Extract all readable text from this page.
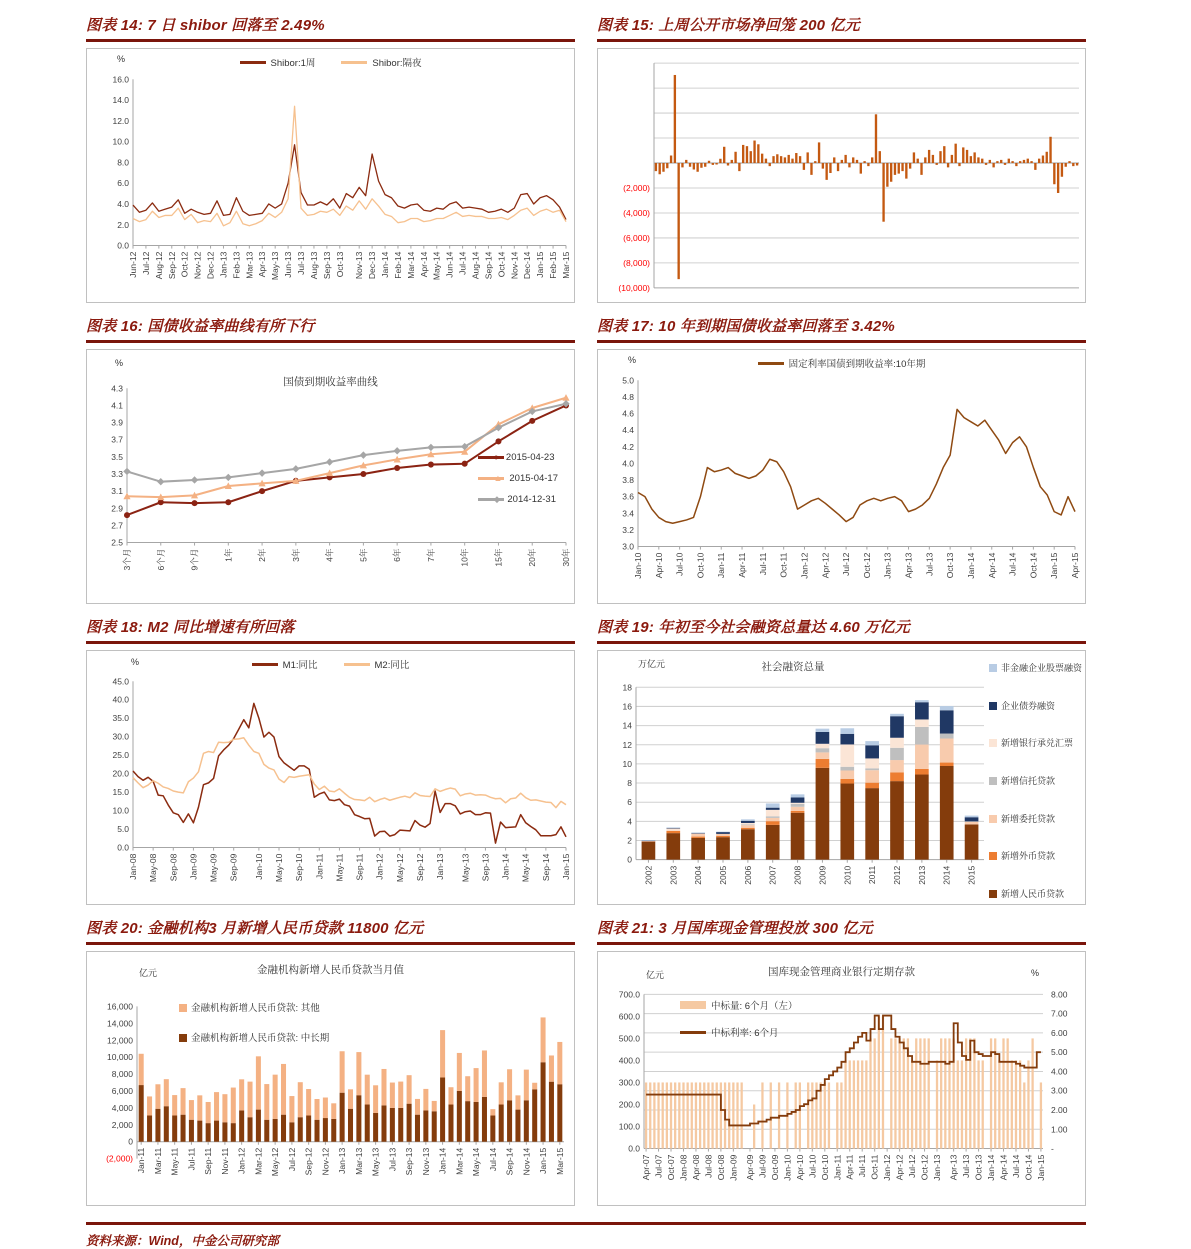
图表 14: 7 日 shibor 回落至 2.49%
%	Shibor:1周	Shibor:隔夜
0.0
2.0
4.0
6.0
8.0
10.0
12.0
14.0
16.0
Jun-12 Jul-12 Aug-12 Sep-12 Oct-12 Nov-12 Dec-12 Jan-13 Feb-13 Mar-13 Apr-13 May-13 Jun-13 Jul-13 Aug-13 Sep-13 Oct-13 Nov-13 Dec-13 Jan-14 Feb-14 Mar-14 Apr-14 May-14 Jun-14 Jul-14 Aug-14 Sep-14 Oct-14 Nov-14 Dec-14 Jan-15 Feb-15 Mar-15
图表 15: 上周公开市场净回笼 200 亿元
(10,000)
(8,000)
(6,000)
(4,000)
(2,000)
图表 16: 国债收益率曲线有所下行
%
国债到期收益率曲线
● 2015-04-23
▲ 2015-04-17
◆ 2014-12-31
2.5
2.7
2.9
3.1
3.3
3.5
3.7
3.9
4.1
4.3
3个月	6个月	9个月	1年	2年	3年	4年	5年	6年	7年	10年	15年	20年	30年
图表 17: 10 年到期国债收益率回落至 3.42%
%	固定利率国债到期收益率:10年期
3.0
3.2
3.4
3.6
3.8
4.0
4.2
4.4
4.6
4.8
5.0
Jan-10 Apr-10 Jul-10 Oct-10 Jan-11 Apr-11 Jul-11 Oct-11 Jan-12 Apr-12 Jul-12 Oct-12 Jan-13 Apr-13 Jul-13 Oct-13 Jan-14 Apr-14 Jul-14 Oct-14 Jan-15 Apr-15
图表 18: M2 同比增速有所回落
%	M1:同比	M2:同比
0.0
5.0
10.0
15.0
20.0
25.0
30.0
35.0
40.0
45.0
Jan-08 May-08 Sep-08 Jan-09 May-09 Sep-09 Jan-10 May-10 Sep-10 Jan-11 May-11 Sep-11 Jan-12 May-12 Sep-12 Jan-13 May-13 Sep-13 Jan-14 May-14 Sep-14 Jan-15
图表 19: 年初至今社会融资总量达 4.60 万亿元
万亿元	社会融资总量	非金融企业股票融资
企业债券融资
新增银行承兑汇票
新增信托贷款
新增委托贷款
新增外币贷款
新增人民币贷款
0
2
4
6
8
10
12
14
16
18
2002 2003 2004 2005 2006 2007 2008 2009 2010 2011 2012 2013 2014 2015
图表 20: 金融机构3 月新增人民币贷款 11800 亿元
亿元	金融机构新增人民币贷款当月值
金融机构新增人民币贷款: 其他
金融机构新增人民币贷款: 中长期
(2,000)
0
2,000
4,000
6,000
8,000
10,000
12,000
14,000
16,000
Jan-11 Mar-11 May-11 Jul-11 Sep-11 Nov-11 Jan-12 Mar-12 May-12 Jul-12 Sep-12 Nov-12 Jan-13 Mar-13 May-13 Jul-13 Sep-13 Nov-13 Jan-14 Mar-14 May-14 Jul-14 Sep-14 Nov-14 Jan-15 Mar-15
图表 21: 3 月国库现金管理投放 300 亿元
亿元	%
国库现金管理商业银行定期存款
中标量: 6个月（左）
中标利率: 6个月
0.0
100.0
200.0
300.0
400.0
500.0
600.0
700.0
-
1.00
2.00
3.00
4.00
5.00
6.00
7.00
8.00
Apr-07 Jul-07 Oct-07 Jan-08 Apr-08 Jul-08 Oct-08 Jan-09 Apr-09 Jul-09 Oct-09 Jan-10 Apr-10 Jul-10 Oct-10 Jan-11 Apr-11 Jul-11 Oct-11 Jan-12 Apr-12 Jul-12 Oct-12 Jan-13 Apr-13 Jul-13 Oct-13 Jan-14 Apr-14 Jul-14 Oct-14 Jan-15
资料来源：Wind，中金公司研究部
